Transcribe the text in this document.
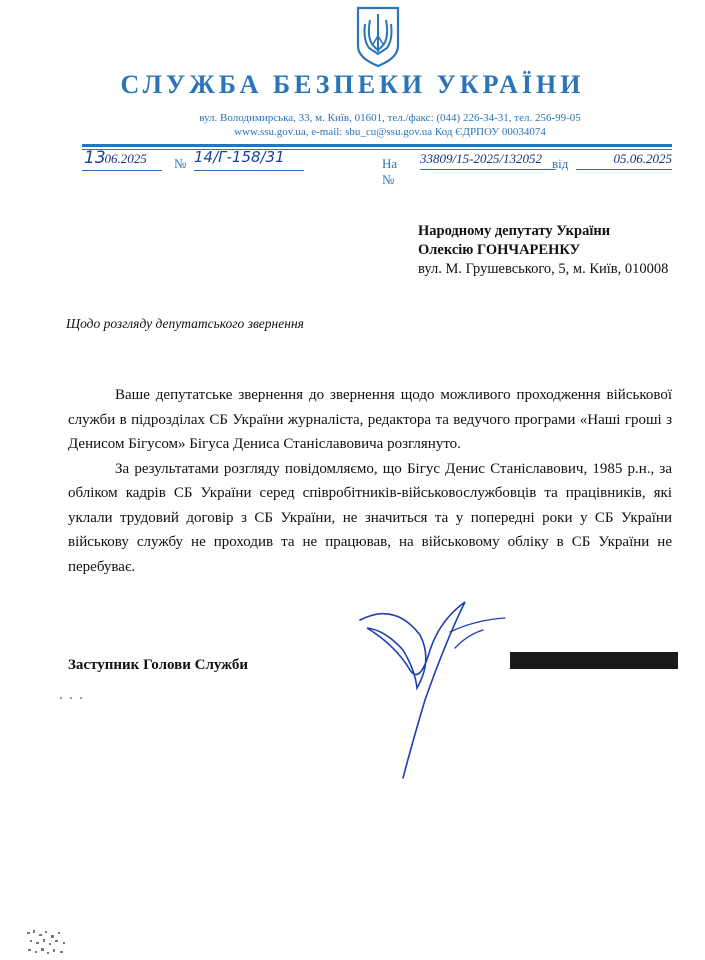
СЛУЖБА БЕЗПЕКИ УКРАЇНИ
вул. Володимирська, 33, м. Київ, 01601, тел./факс: (044) 226-34-31, тел. 256-99-05
www.ssu.gov.ua, e-mail: sbu_cu@ssu.gov.ua Код ЄДРПОУ 00034074
13
. 06.2025 № 14/Г-158/31	На №
33809/15-2025/132052 від	05.06.2025
Народному депутату України
Олексію ГОНЧАРЕНКУ
вул. М. Грушевського, 5, м. Київ, 010008
Щодо розгляду депутатського звернення

Ваше депутатське звернення до звернення щодо можливого проходження військової служби в підрозділах СБ України журналіста, редактора та ведучого програми «Наші гроші з Денисом Бігусом» Бігуса Дениса Станіславовича розглянуто.

За результатами розгляду повідомляємо, що Бігус Денис Станіславович, 1985 р.н., за обліком кадрів СБ України серед співробітників-військовослужбовців та працівників, які уклали трудовий договір з СБ України, не значиться та у попередні роки у СБ України військову службу не проходив та не працював, на військовому обліку в СБ України не перебуває.

Заступник Голови Служби
